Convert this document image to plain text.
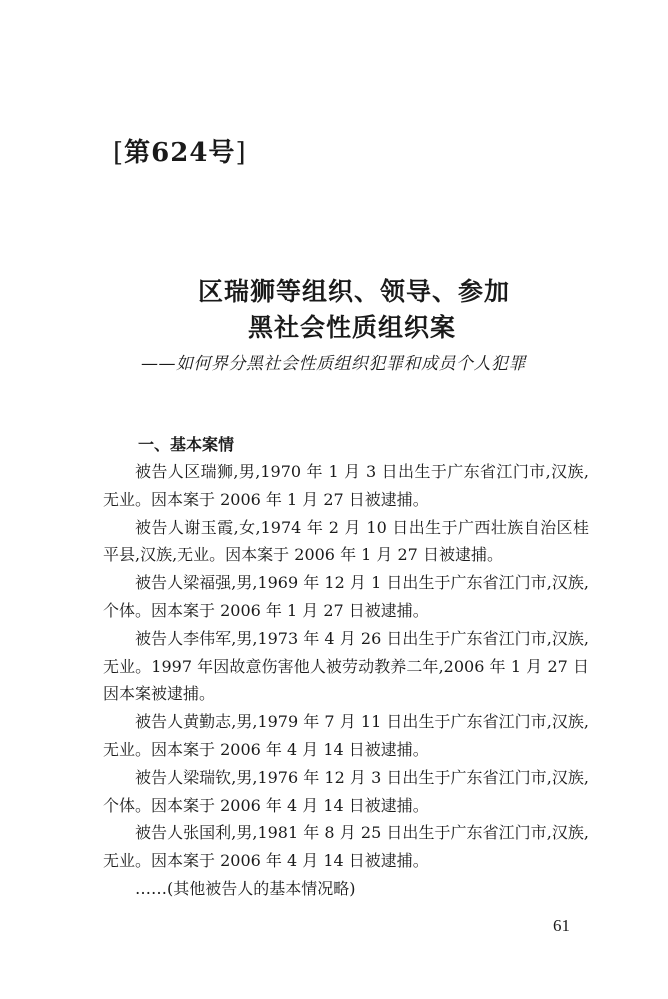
[第624号]
区瑞狮等组织、领导、参加
黑社会性质组织案
——如何界分黑社会性质组织犯罪和成员个人犯罪
一、基本案情

被告人区瑞狮,男,1970 年 1 月 3 日出生于广东省江门市,汉族,无业。因本案于 2006 年 1 月 27 日被逮捕。

被告人谢玉霞,女,1974 年 2 月 10 日出生于广西壮族自治区桂平县,汉族,无业。因本案于 2006 年 1 月 27 日被逮捕。

被告人梁福强,男,1969 年 12 月 1 日出生于广东省江门市,汉族,个体。因本案于 2006 年 1 月 27 日被逮捕。

被告人李伟军,男,1973 年 4 月 26 日出生于广东省江门市,汉族,无业。1997 年因故意伤害他人被劳动教养二年,2006 年 1 月 27 日因本案被逮捕。

被告人黄勤志,男,1979 年 7 月 11 日出生于广东省江门市,汉族,无业。因本案于 2006 年 4 月 14 日被逮捕。

被告人梁瑞钦,男,1976 年 12 月 3 日出生于广东省江门市,汉族,个体。因本案于 2006 年 4 月 14 日被逮捕。

被告人张国利,男,1981 年 8 月 25 日出生于广东省江门市,汉族,无业。因本案于 2006 年 4 月 14 日被逮捕。

……(其他被告人的基本情况略)

61
